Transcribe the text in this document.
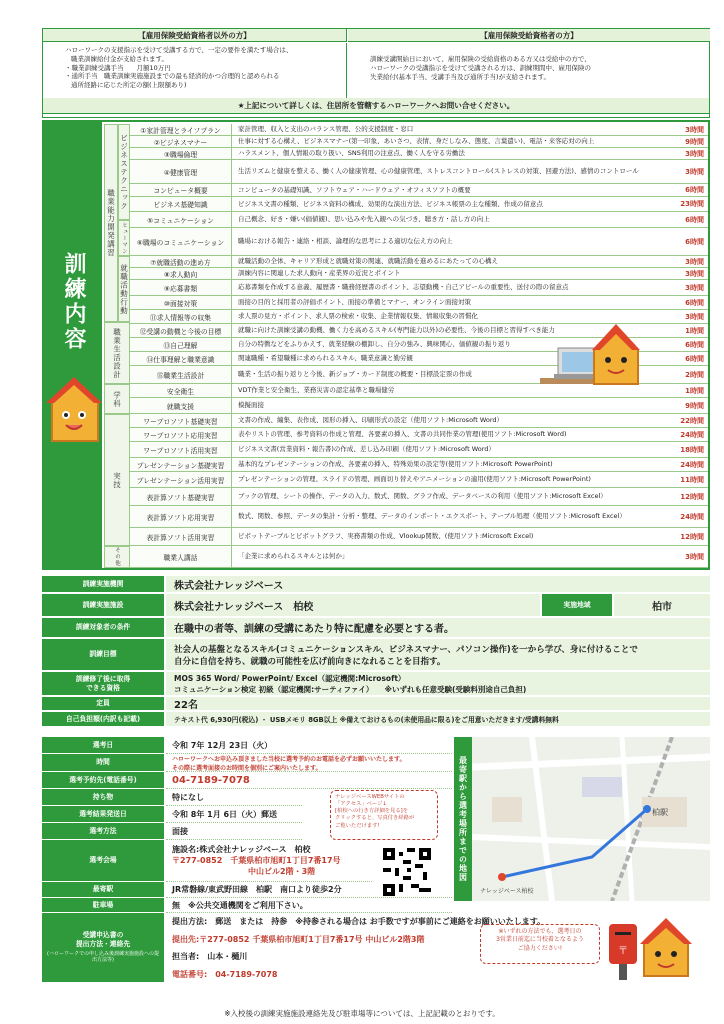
【雇用保険受給資格者以外の方】	【雇用保険受給資格者の方】
ハローワークの支援指示を受けて受講する方で、一定の要件を満たす場合は、
職業訓練給付金が支給されます。
・職業訓練受講手当　　月額10万円
・通所手当　職業訓練実施施設までの最も経済的かつ合理的と認められる
通所経路に応じた所定の額(上限額あり)
訓練受講開始日において、雇用保険の受給資格のある方又は受給中の方で、
ハローワークの受講指示を受けて受講される方は、訓練期間中、雇用保険の
失業給付(基本手当、受講手当及び通所手当)が支給されます。
★上記について詳しくは、住居所を管轄するハローワークへお問い合せください。
訓練内容
職業能力開発講習
ビジネステクニック
ヒューマン
就職活動行動
職業生活設計
学科
実技
その他
①家計管理とライフプラン	家計管理、収入と支出のバランス管理、公的支援制度・窓口	3時間
②ビジネスマナー	仕事に対する心構え、ビジネスマナー(第一印象、あいさつ、表情、身だしなみ、態度、言葉遣い)、電話・来客応対の向上	9時間
③職場倫理	ハラスメント、個人情報の取り扱い、SNS利用の注意点、働く人を守る労働法	3時間
④健康管理	生活リズムと健康を整える、働く人の健康管理、心の健康管理、ストレスコントロール(ストレスの対策、回避方法)、感情のコントロール	3時間
コンピュータ概要	コンピュータの基礎知識、ソフトウェア・ハードウェア・オフィスソフトの概要	6時間
ビジネス基礎知識	ビジネス文書の種類、ビジネス資料の構成、効果的な演出方法、ビジネス帳票の主な種類、作成の留意点	23時間
⑤コミュニケーション	自己概念、好き・嫌い(価値観)、思い込みや先入観への気づき、聴き方・話し方の向上	6時間
⑥職場のコミュニケーション	職場における報告・連絡・相談、論理的な思考による適切な伝え方の向上	6時間
⑦就職活動の進め方	就職活動の全体、キャリア形成と就職対策の関連、就職活動を進めるにあたっての心構え	3時間
⑧求人動向	訓練内容に関連した求人動向・産業界の近況とポイント	3時間
⑨応募書類	応募書類を作成する意義、履歴書・職務経歴書のポイント、志望動機・自己アピールの重要性、送付の際の留意点	3時間
⑩面接対策	面接の目的と採用者の評価ポイント、面接の準備とマナー、オンライン面接対策	6時間
⑪求人情報等の収集	求人票の見方・ポイント、求人票の検索・収集、企業情報収集、情報収集の習慣化	3時間
⑫受講の動機と今後の目標	就職に向けた訓練受講の動機、働く力を高めるスキル(専門能力以外)の必要性、今後の目標と習得すべき能力	1時間
⑬自己理解	自分の特徴などをふりかえす、就業経験の棚卸し、自分の強み、興味関心、価値観の振り返り	6時間
⑭仕事理解と職業意識	関連職種・希望職種に求められるスキル、職業意識と勤労観	6時間
⑮職業生活設計	職業・生活の振り返りと今後、新ジョブ・カード制度の概要・目標設定票の作成	2時間
安全衛生	VDT作業と安全衛生、業務災害の認定基準と職場健労	1時間
就職支援	模擬面接	9時間
ワープロソフト基礎実習	文書の作成、編集、表作成、図形の挿入、印刷形式の設定（使用ソフト:Microsoft Word）	22時間
ワープロソフト応用実習	表やリストの管理、参考資料の作成と管理、各要素の挿入、文書の共同作業の管理(使用ソフト:Microsoft Word)	24時間
ワープロソフト活用実習	ビジネス文書(営業資料・報告書)の作成、差し込み印刷（使用ソフト:Microsoft Word）	18時間
プレゼンテーション基礎実習	基本的なプレゼンテーションの作成、各要素の挿入、特殊効果の設定等(使用ソフト:Microsoft PowerPoint)	24時間
プレゼンテーション活用実習	プレゼンテーションの管理、スライドの管理、画面切り替えやアニメーションの適用(使用ソフト:Microsoft PowerPoint)	11時間
表計算ソフト基礎実習	ブックの管理、シートの操作、データの入力、数式、関数、グラフ作成、データベースの利用（使用ソフト:Microsoft Excel）	12時間
表計算ソフト応用実習	数式、関数、参照、データの集計・分析・整理、データのインポート・エクスポート、テーブル処理（使用ソフト:Microsoft Excel）	24時間
表計算ソフト活用実習	ピボットテーブルとピボットグラフ、実務書類の作成、Vlookup関数、(使用ソフト:Microsoft Excel)	12時間
職業人講話	「企業に求められるスキルとは何か」	3時間
訓練実施機関	株式会社ナレッジベース
訓練実施施設	株式会社ナレッジベース　柏校	実施地域	柏市
訓練対象者の条件	在職中の者等、訓練の受講にあたり特に配慮を必要とする者。
訓練目標	社会人の基盤となるスキル(コミュニケーションスキル、ビジネスマナー、パソコン操作)を一から学び、身に付けることで
自分に自信を持ち、就職の可能性を広げ前向きになれることを目指す。
訓練修了後に取得
できる資格
MOS 365 Word/ PowerPoint/ Excel（認定機関:Microsoft）
コミュニケーション検定 初級（認定機関:サーティファイ）　　※いずれも任意受験(受験料別途自己負担)
定員	22名
自己負担額(内訳も記載)	テキスト代 6,930円(税込) ・ USBメモリ 8GB以上 ※備えておけるもの(未使用品に限る)をご用意いただきます/受講料無料
選考日	令和 7年 12月 23日（火）
時間	ハローワークへお申込み頂きました当校に選考予約のお電話を必ずお願いいたします。
その際に選考面接のお時間を個別にご案内いたします。
選考予約先(電話番号)	04-7189-7078
持ち物	特になし
選考結果発送日	令和 8年 1月 6日（火）郵送
選考方法	面接
選考会場
施設名:株式会社ナレッジベース　柏校
〒277-0852　千葉県柏市旭町1丁目7番17号
中山ビル2階・3階
最寄駅	JR常磐線/東武野田線　柏駅　南口より徒歩2分
駐車場	無　※公共交通機関をご利用下さい。
受講申込書の
提出方法・連絡先
(ハローワークでの申し込み後訓練実施施設への提出方法等)
提出方法:　郵送　または　持参　※持参される場合は お手数ですが事前にご連絡をお願いいたします。
提出先:〒277-0852 千葉県柏市旭町1丁目7番17号 中山ビル2階3階
担当者:　山本・樋川
電話番号:　04-7189-7078
ナレッジベースWEBサイトの
「アクセス」ページ↓
[柏校への行き方詳細を見る]を
クリックすると、写真付き経路が
ご覧いただけます!	最寄駅から選考場所までの地図	柏駅
ナレッジベース柏校
※いずれの方法でも、選考日の
3営業日前迄に当校着となるよう
ご協力ください!	〒
※入校後の訓練実施施設連絡先及び駐車場等については、上記記載のとおりです。
